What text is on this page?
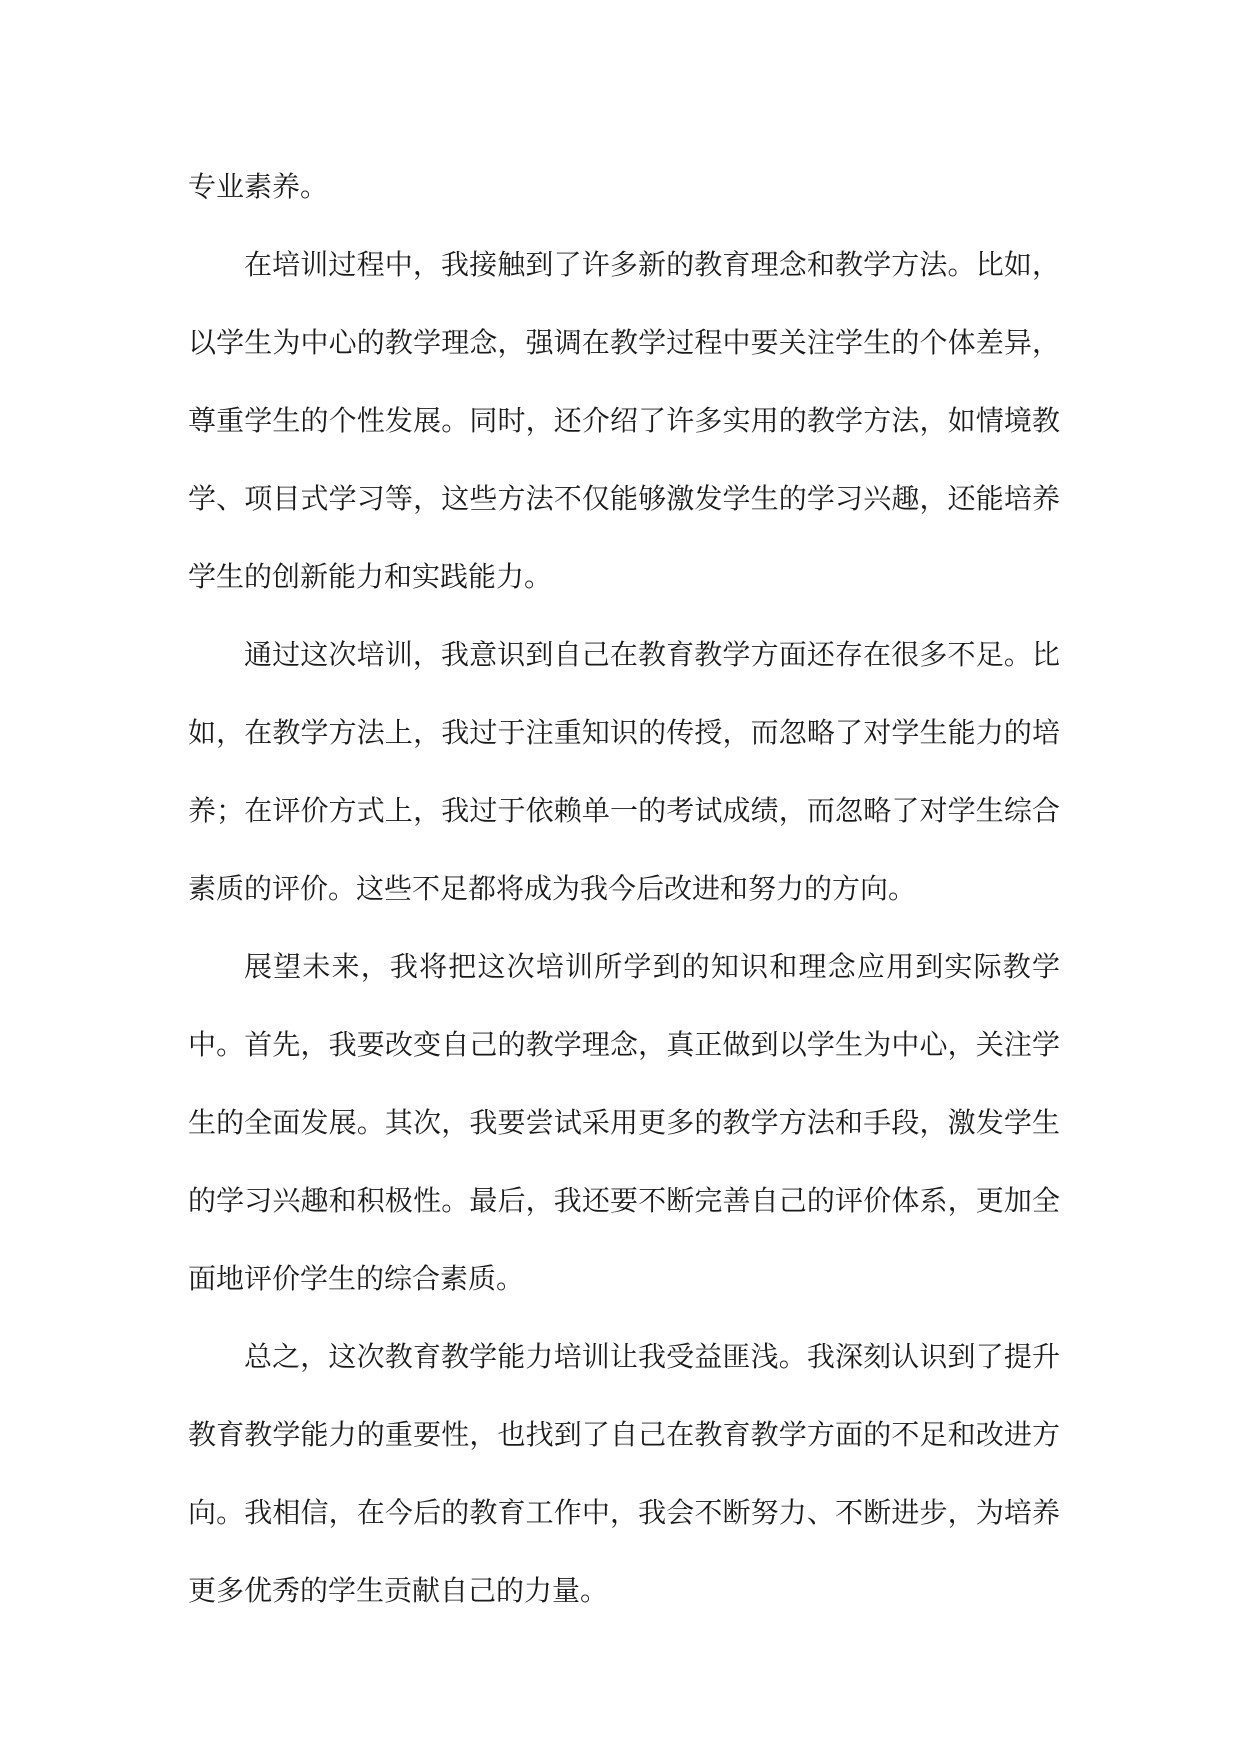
专业素养。

在培训过程中，我接触到了许多新的教育理念和教学方法。比如，以学生为中心的教学理念，强调在教学过程中要关注学生的个体差异，尊重学生的个性发展。同时，还介绍了许多实用的教学方法，如情境教学、项目式学习等，这些方法不仅能够激发学生的学习兴趣，还能培养学生的创新能力和实践能力。

通过这次培训，我意识到自己在教育教学方面还存在很多不足。比如，在教学方法上，我过于注重知识的传授，而忽略了对学生能力的培养；在评价方式上，我过于依赖单一的考试成绩，而忽略了对学生综合素质的评价。这些不足都将成为我今后改进和努力的方向。

展望未来，我将把这次培训所学到的知识和理念应用到实际教学中。首先，我要改变自己的教学理念，真正做到以学生为中心，关注学生的全面发展。其次，我要尝试采用更多的教学方法和手段，激发学生的学习兴趣和积极性。最后，我还要不断完善自己的评价体系，更加全面地评价学生的综合素质。

总之，这次教育教学能力培训让我受益匪浅。我深刻认识到了提升教育教学能力的重要性，也找到了自己在教育教学方面的不足和改进方向。我相信，在今后的教育工作中，我会不断努力、不断进步，为培养更多优秀的学生贡献自己的力量。
